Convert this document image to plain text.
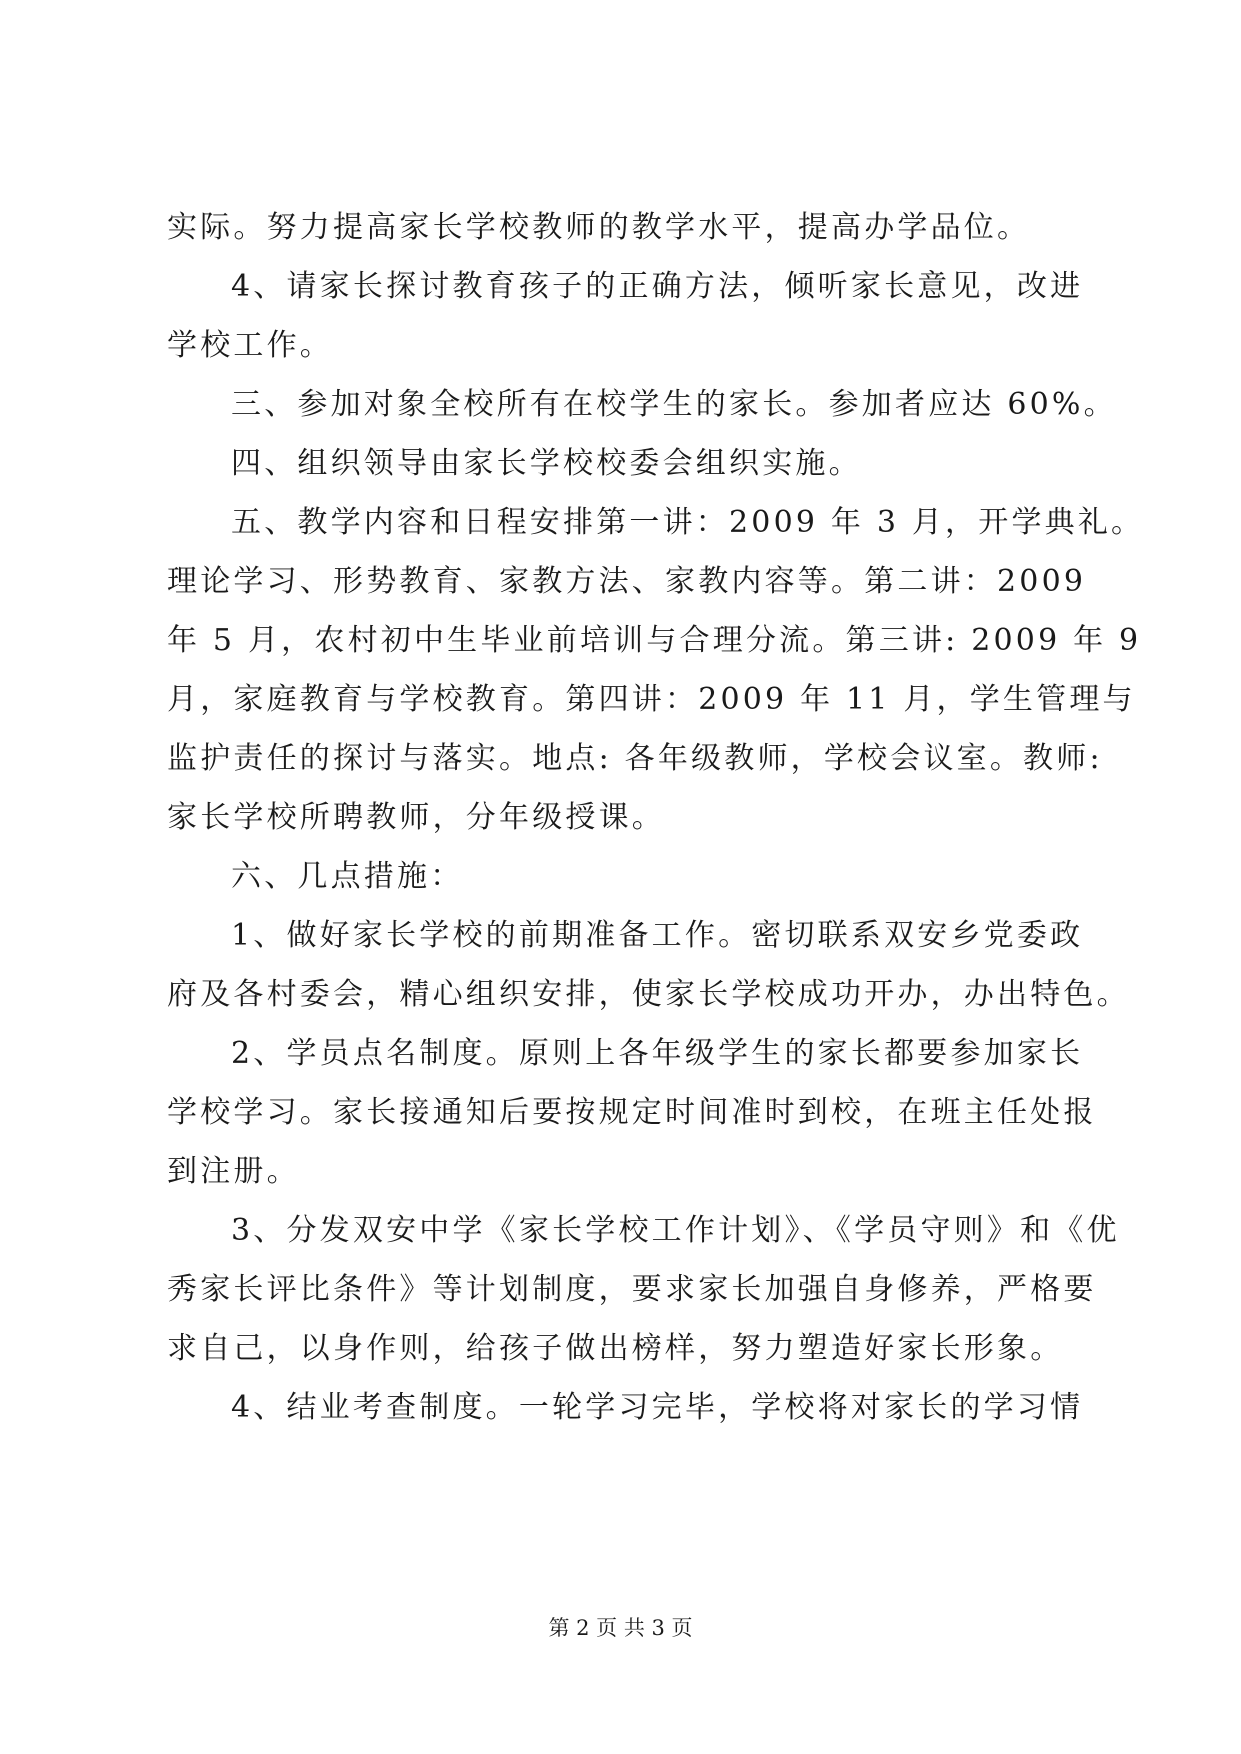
实际。努力提高家长学校教师的教学水平，提高办学品位。
4、请家长探讨教育孩子的正确方法，倾听家长意见，改进
学校工作。
三、参加对象全校所有在校学生的家长。参加者应达 60%。
四、组织领导由家长学校校委会组织实施。
五、教学内容和日程安排第一讲：2009 年 3 月，开学典礼。
理论学习、形势教育、家教方法、家教内容等。第二讲：2009
年 5 月，农村初中生毕业前培训与合理分流。第三讲: 2009 年 9
月，家庭教育与学校教育。第四讲：2009 年 11 月，学生管理与
监护责任的探讨与落实。地点: 各年级教师，学校会议室。教师:
家长学校所聘教师，分年级授课。
六、几点措施：
1、做好家长学校的前期准备工作。密切联系双安乡党委政
府及各村委会，精心组织安排，使家长学校成功开办，办出特色。
2、学员点名制度。原则上各年级学生的家长都要参加家长
学校学习。家长接通知后要按规定时间准时到校，在班主任处报
到注册。
3、分发双安中学《家长学校工作计划》、《学员守则》和《优
秀家长评比条件》等计划制度，要求家长加强自身修养，严格要
求自己，以身作则，给孩子做出榜样，努力塑造好家长形象。
4、结业考查制度。一轮学习完毕，学校将对家长的学习情
第 2 页 共 3 页
